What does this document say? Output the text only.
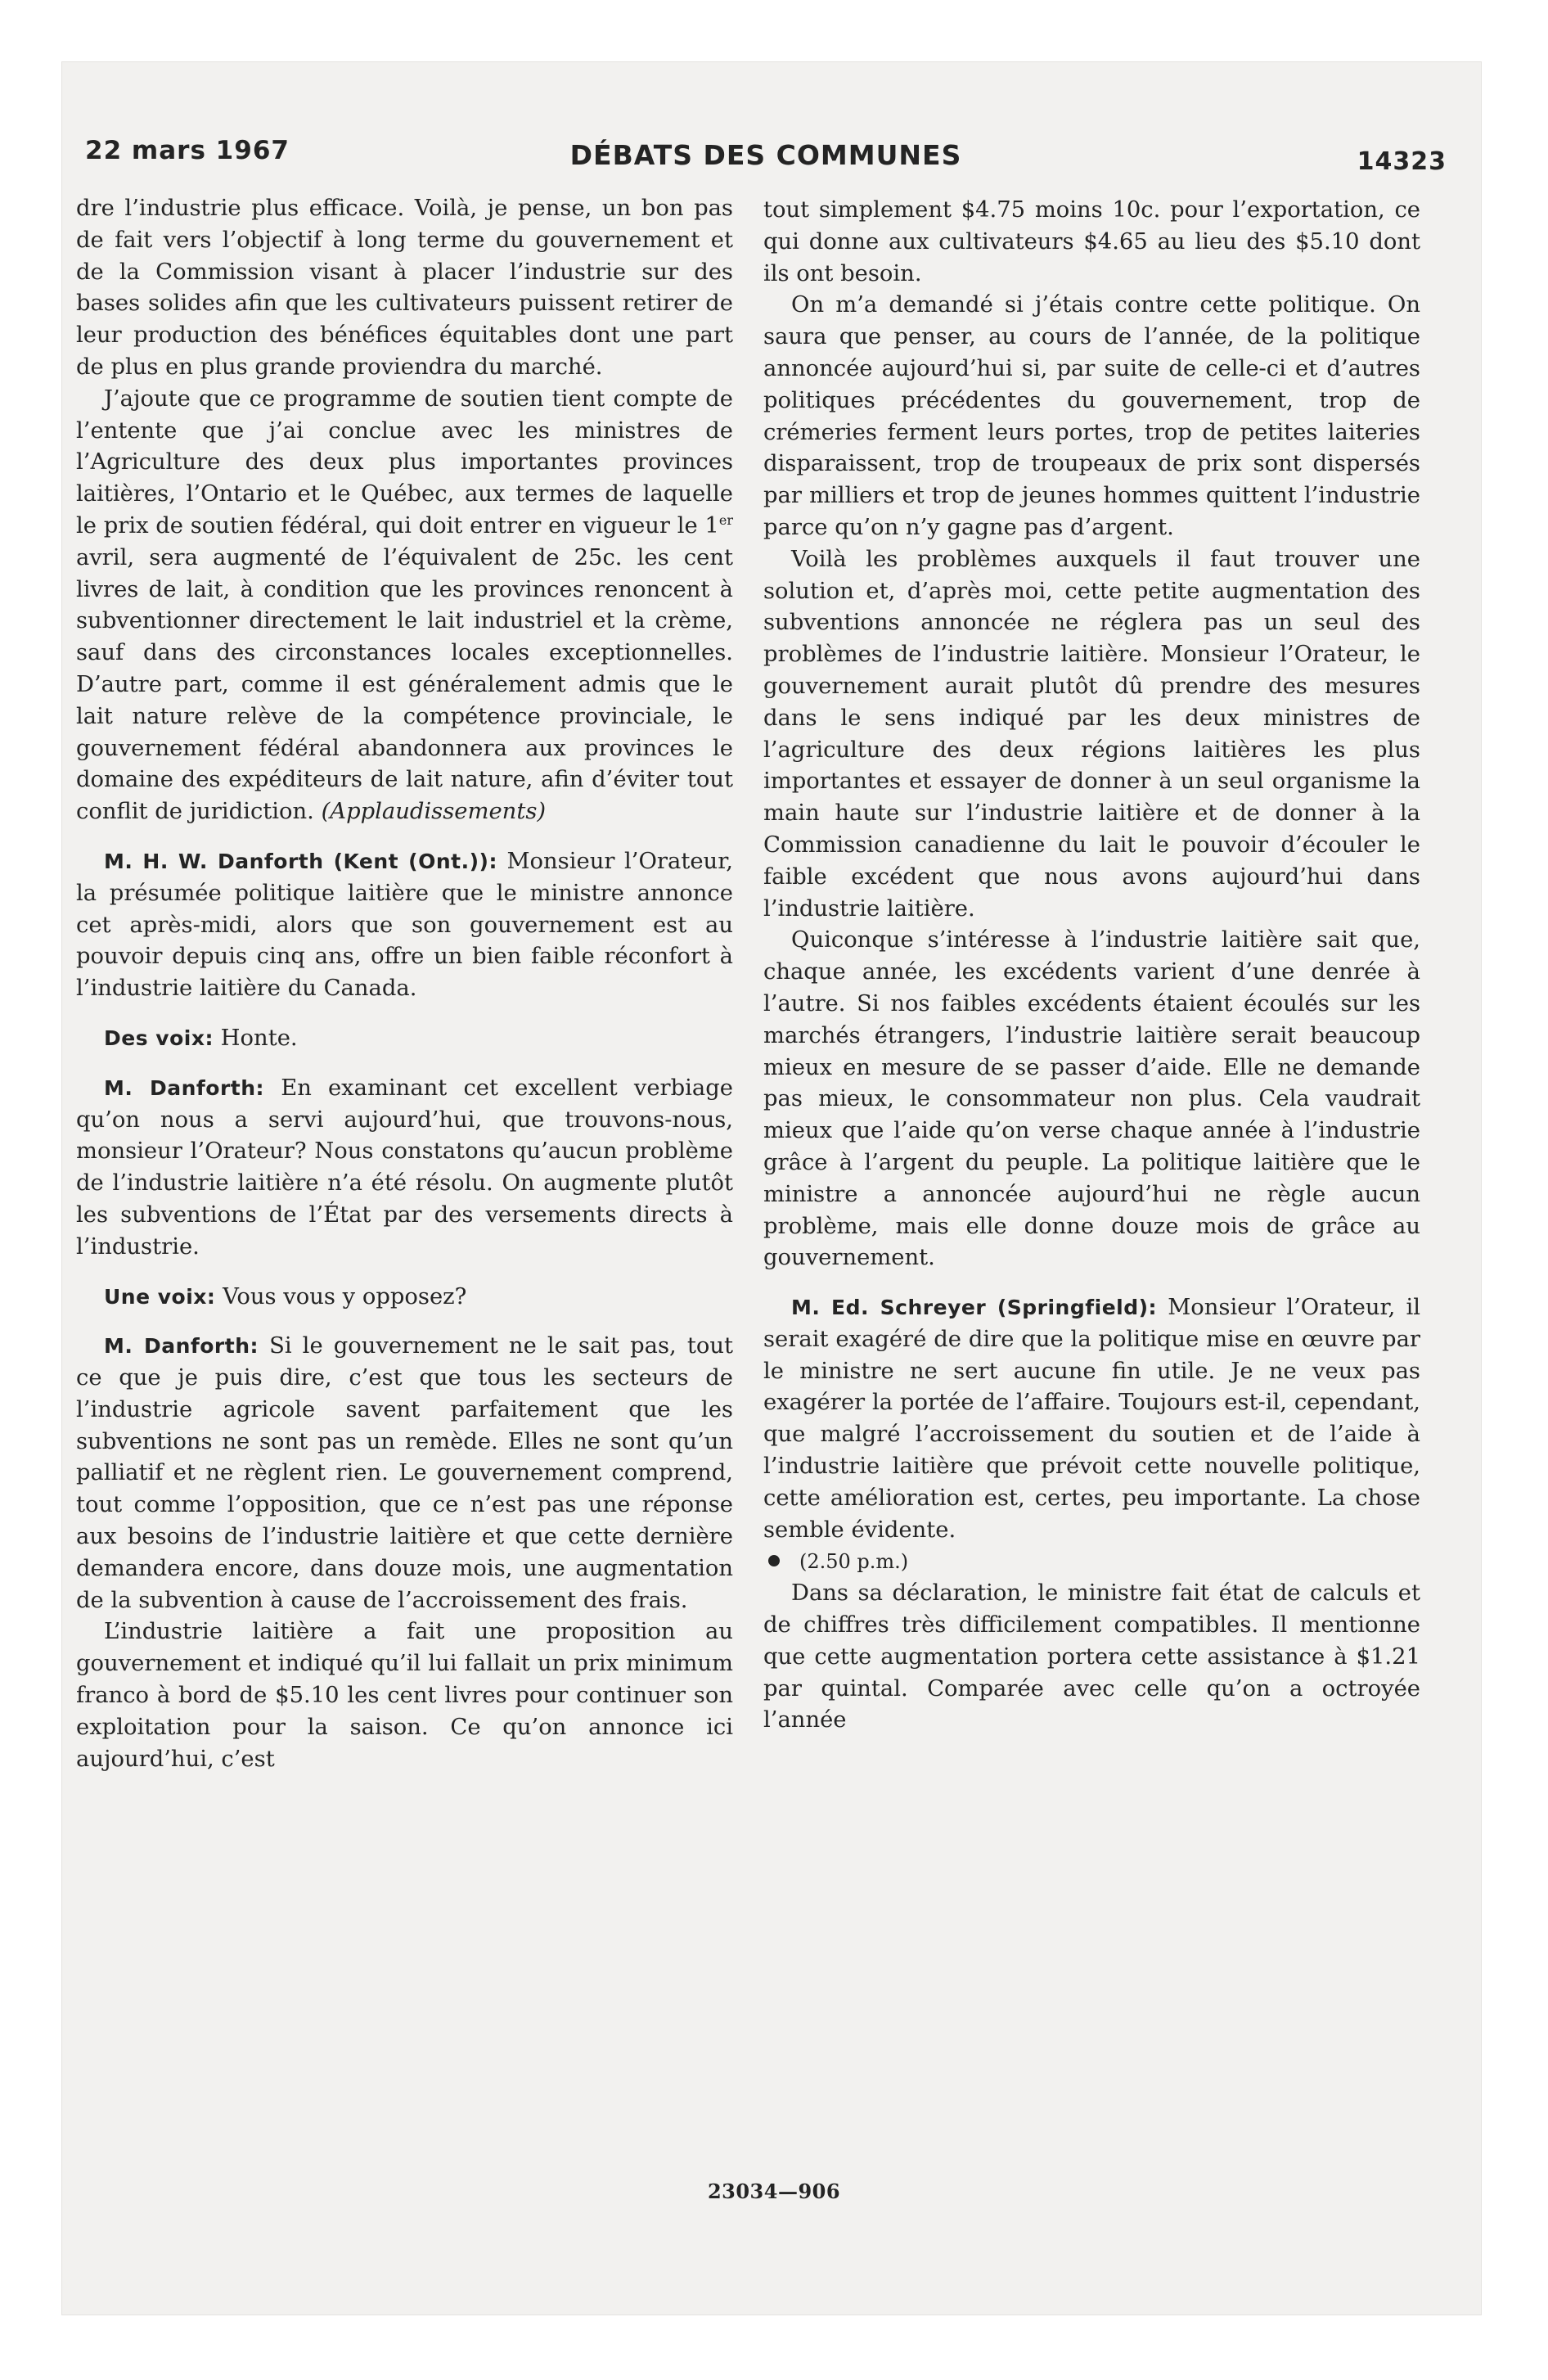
22 mars 1967	DÉBATS DES COMMUNES	14323

dre l’industrie plus efficace. Voilà, je pense, un bon pas de fait vers l’objectif à long terme du gouvernement et de la Commission visant à placer l’industrie sur des bases solides afin que les cultivateurs puissent retirer de leur production des bénéfices équitables dont une part de plus en plus grande proviendra du marché.

J’ajoute que ce programme de soutien tient compte de l’entente que j’ai conclue avec les ministres de l’Agriculture des deux plus importantes provinces laitières, l’Ontario et le Québec, aux termes de laquelle le prix de soutien fédéral, qui doit entrer en vigueur le 1er avril, sera augmenté de l’équivalent de 25c. les cent livres de lait, à condition que les provinces renoncent à subventionner directement le lait industriel et la crème, sauf dans des circonstances locales exceptionnelles. D’autre part, comme il est généralement admis que le lait nature relève de la compétence provinciale, le gouvernement fédéral abandonnera aux provinces le domaine des expéditeurs de lait nature, afin d’éviter tout conflit de juridiction. (Applaudissements)

M. H. W. Danforth (Kent (Ont.)): Monsieur l’Orateur, la présumée politique laitière que le ministre annonce cet après-midi, alors que son gouvernement est au pouvoir depuis cinq ans, offre un bien faible réconfort à l’industrie laitière du Canada.

Des voix: Honte.

M. Danforth: En examinant cet excellent verbiage qu’on nous a servi aujourd’hui, que trouvons-nous, monsieur l’Orateur? Nous constatons qu’aucun problème de l’industrie laitière n’a été résolu. On augmente plutôt les subventions de l’État par des versements directs à l’industrie.

Une voix: Vous vous y opposez?

M. Danforth: Si le gouvernement ne le sait pas, tout ce que je puis dire, c’est que tous les secteurs de l’industrie agricole savent parfaitement que les subventions ne sont pas un remède. Elles ne sont qu’un palliatif et ne règlent rien. Le gouvernement comprend, tout comme l’opposition, que ce n’est pas une réponse aux besoins de l’industrie laitière et que cette dernière demandera encore, dans douze mois, une augmentation de la subvention à cause de l’accroissement des frais.

L’industrie laitière a fait une proposition au gouvernement et indiqué qu’il lui fallait un prix minimum franco à bord de $5.10 les cent livres pour continuer son exploitation pour la saison. Ce qu’on annonce ici aujourd’hui, c’est

tout simplement $4.75 moins 10c. pour l’exportation, ce qui donne aux cultivateurs $4.65 au lieu des $5.10 dont ils ont besoin.

On m’a demandé si j’étais contre cette politique. On saura que penser, au cours de l’année, de la politique annoncée aujourd’hui si, par suite de celle-ci et d’autres politiques précédentes du gouvernement, trop de crémeries ferment leurs portes, trop de petites laiteries disparaissent, trop de troupeaux de prix sont dispersés par milliers et trop de jeunes hommes quittent l’industrie parce qu’on n’y gagne pas d’argent.

Voilà les problèmes auxquels il faut trouver une solution et, d’après moi, cette petite augmentation des subventions annoncée ne réglera pas un seul des problèmes de l’industrie laitière. Monsieur l’Orateur, le gouvernement aurait plutôt dû prendre des mesures dans le sens indiqué par les deux ministres de l’agriculture des deux régions laitières les plus importantes et essayer de donner à un seul organisme la main haute sur l’industrie laitière et de donner à la Commission canadienne du lait le pouvoir d’écouler le faible excédent que nous avons aujourd’hui dans l’industrie laitière.

Quiconque s’intéresse à l’industrie laitière sait que, chaque année, les excédents varient d’une denrée à l’autre. Si nos faibles excédents étaient écoulés sur les marchés étrangers, l’industrie laitière serait beaucoup mieux en mesure de se passer d’aide. Elle ne demande pas mieux, le consommateur non plus. Cela vaudrait mieux que l’aide qu’on verse chaque année à l’industrie grâce à l’argent du peuple. La politique laitière que le ministre a annoncée aujourd’hui ne règle aucun problème, mais elle donne douze mois de grâce au gouvernement.

M. Ed. Schreyer (Springfield): Monsieur l’Orateur, il serait exagéré de dire que la politique mise en œuvre par le ministre ne sert aucune fin utile. Je ne veux pas exagérer la portée de l’affaire. Toujours est-il, cependant, que malgré l’accroissement du soutien et de l’aide à l’industrie laitière que prévoit cette nouvelle politique, cette amélioration est, certes, peu importante. La chose semble évidente.

(2.50 p.m.)

Dans sa déclaration, le ministre fait état de calculs et de chiffres très difficilement compatibles. Il mentionne que cette augmentation portera cette assistance à $1.21 par quintal. Comparée avec celle qu’on a octroyée l’année

23034—906
